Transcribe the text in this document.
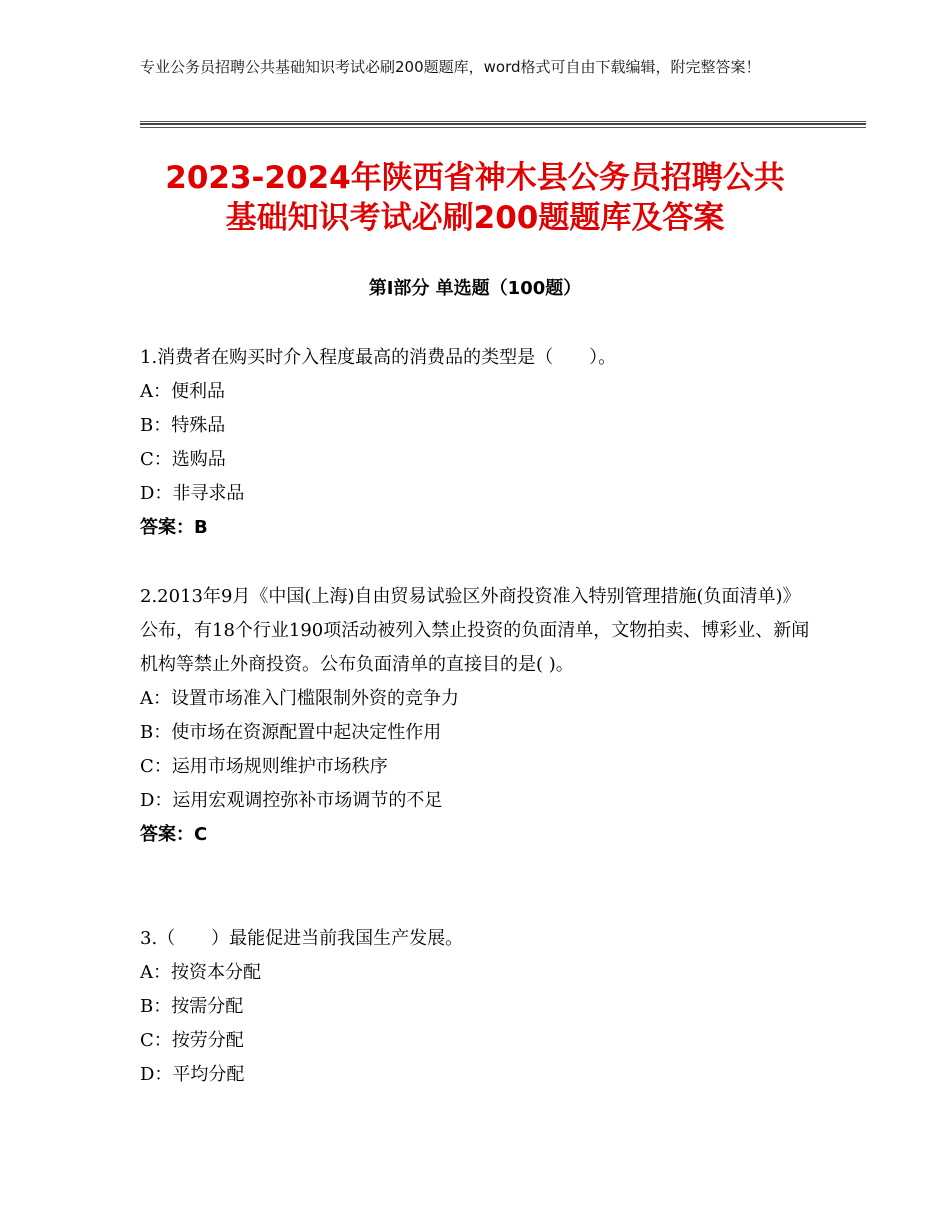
专业公务员招聘公共基础知识考试必刷200题题库，word格式可自由下载编辑，附完整答案！
2023-2024年陕西省神木县公务员招聘公共
基础知识考试必刷200题题库及答案
第Ⅰ部分 单选题（100题）
1.消费者在购买时介入程度最高的消费品的类型是（　　）。
A：便利品
B：特殊品
C：选购品
D：非寻求品
答案：B
2.2013年9月《中国(上海)自由贸易试验区外商投资准入特别管理措施(负面清单)》公布，有18个行业190项活动被列入禁止投资的负面清单，文物拍卖、博彩业、新闻机构等禁止外商投资。公布负面清单的直接目的是( )。
A：设置市场准入门槛限制外资的竞争力
B：使市场在资源配置中起决定性作用
C：运用市场规则维护市场秩序
D：运用宏观调控弥补市场调节的不足
答案：C
3.（　　）最能促进当前我国生产发展。
A：按资本分配
B：按需分配
C：按劳分配
D：平均分配
